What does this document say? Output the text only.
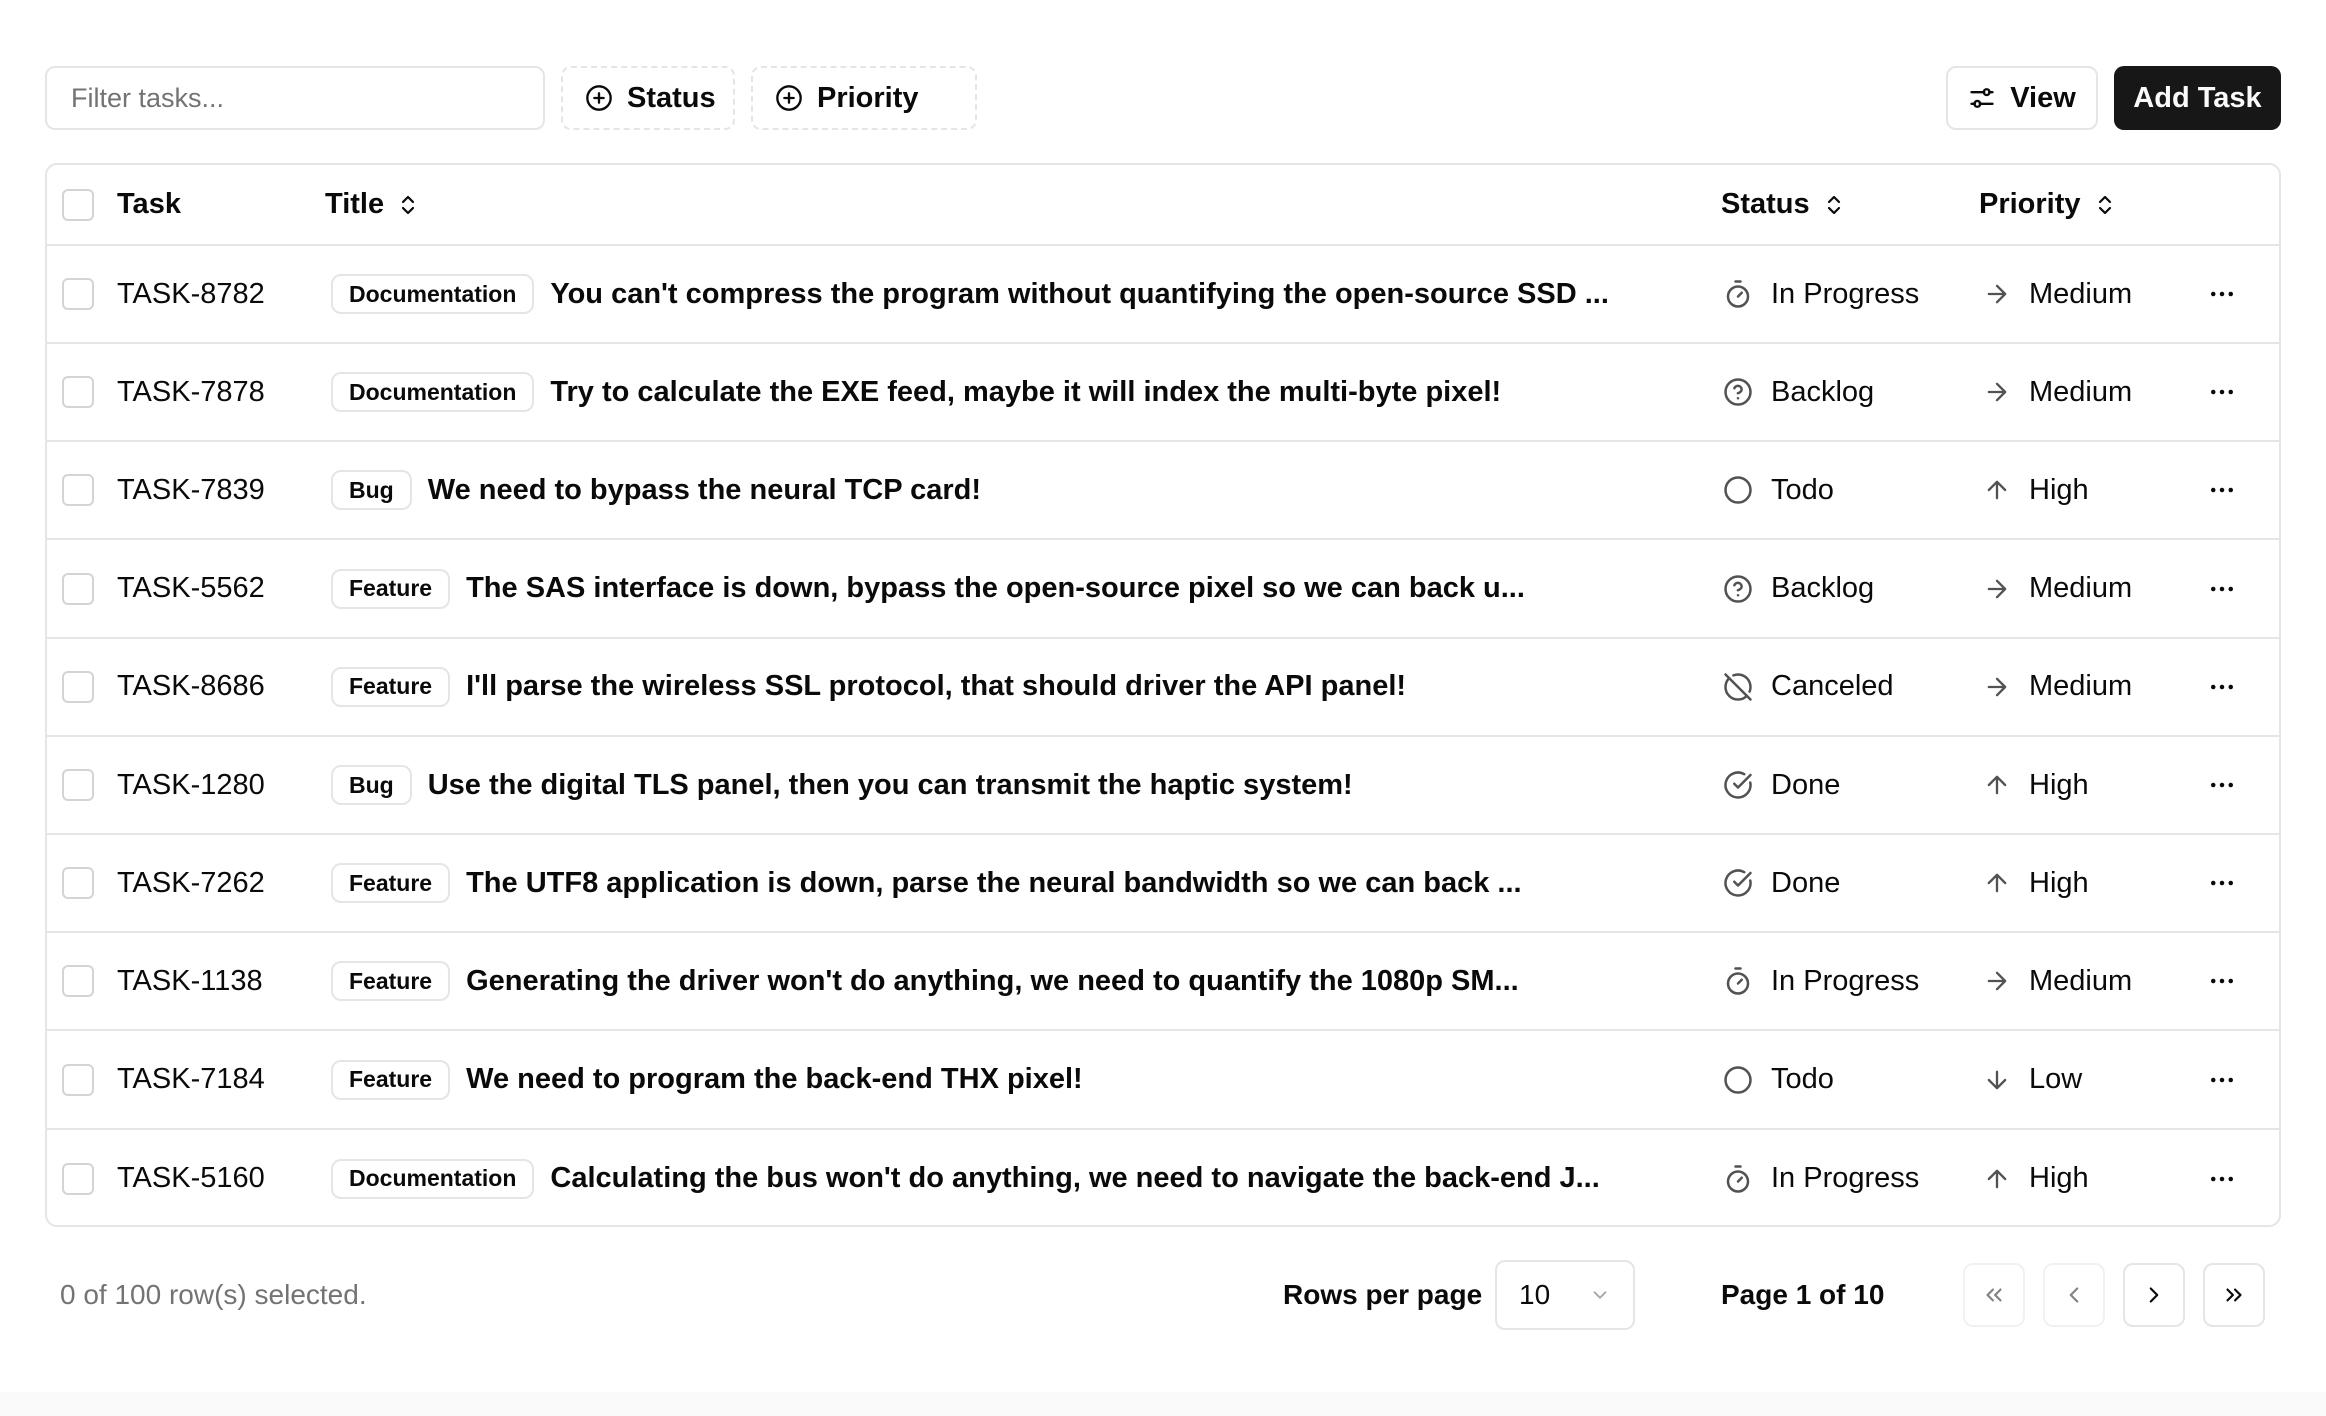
Filter tasks...
Status	Priority	View Add Task
Task	Title	Status	Priority
TASK-8782	Documentation	You can't compress the program without quantifying the open-source SSD ...	In Progress	Medium
TASK-7878	Documentation	Try to calculate the EXE feed, maybe it will index the multi-byte pixel!	Backlog	Medium
TASK-7839	Bug	We need to bypass the neural TCP card!	Todo	High
TASK-5562	Feature	The SAS interface is down, bypass the open-source pixel so we can back u...	Backlog	Medium
TASK-8686	Feature	I'll parse the wireless SSL protocol, that should driver the API panel!	Canceled	Medium
TASK-1280	Bug	Use the digital TLS panel, then you can transmit the haptic system!	Done	High
TASK-7262	Feature	The UTF8 application is down, parse the neural bandwidth so we can back ...	Done	High
TASK-1138	Feature	Generating the driver won't do anything, we need to quantify the 1080p SM...	In Progress	Medium
TASK-7184	Feature	We need to program the back-end THX pixel!	Todo	Low
TASK-5160	Documentation	Calculating the bus won't do anything, we need to navigate the back-end J...	In Progress	High
0 of 100 row(s) selected.	Rows per page 10	Page 1 of 10
